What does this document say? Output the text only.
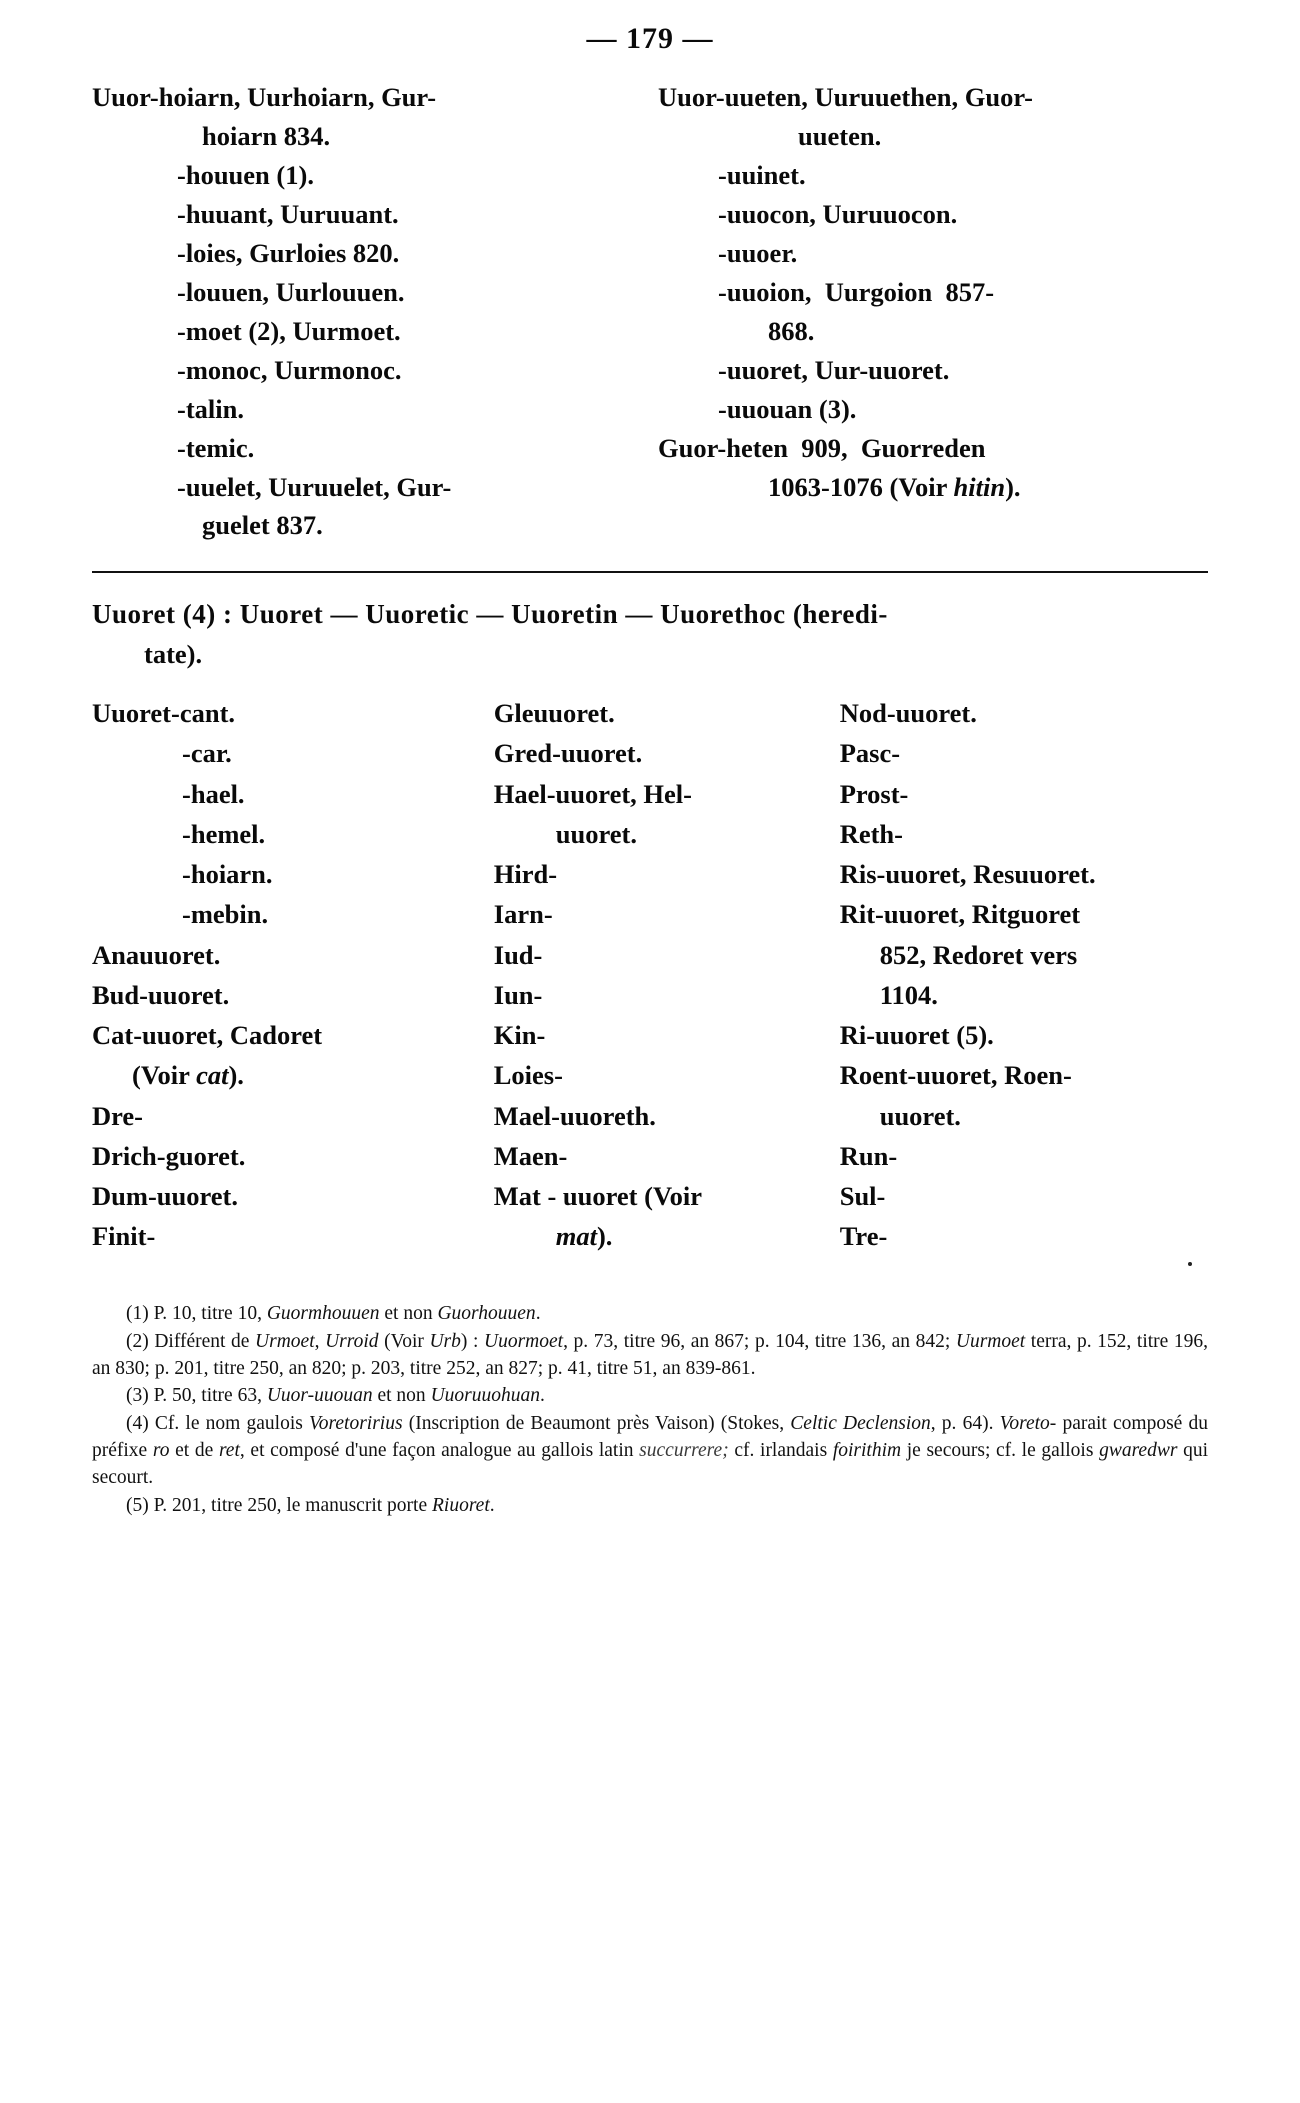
— 179 —
Uuor-hoiarn, Uurhoiarn, Gur-
hoiarn 834.
-houuen (1).
-huuant, Uuruuant.
-loies, Gurloies 820.
-louuen, Uurlouuen.
-moet (2), Uurmoet.
-monoc, Uurmonoc.
-talin.
-temic.
-uuelet, Uuruuelet, Gur-
guelet 837.
Uuor-uueten, Uuruuethen, Guor-
uueten.
-uuinet.
-uuocon, Uuruuocon.
-uuoer.
-uuoion,  Uurgoion  857-
868.
-uuoret, Uur-uuoret.
-uuouan (3).
Guor-heten  909,  Guorreden
1063-1076 (Voir hitin).
Uuoret (4) : Uuoret — Uuoretic — Uuoretin — Uuorethoc (heredi-
tate).
Uuoret-cant.
-car.
-hael.
-hemel.
-hoiarn.
-mebin.
Anauuoret.
Bud-uuoret.
Cat-uuoret, Cadoret
(Voir cat).
Dre-
Drich-guoret.
Dum-uuoret.
Finit-
Gleuuoret.
Gred-uuoret.
Hael-uuoret, Hel-
uuoret.
Hird-
Iarn-
Iud-
Iun-
Kin-
Loies-
Mael-uuoreth.
Maen-
Mat - uuoret (Voir
mat).
Nod-uuoret.
Pasc-
Prost-
Reth-
Ris-uuoret, Resuuoret.
Rit-uuoret, Ritguoret
852, Redoret vers
1104.
Ri-uuoret (5).
Roent-uuoret, Roen-
uuoret.
Run-
Sul-
Tre-

(1) P. 10, titre 10, Guormhouuen et non Guorhouuen.

(2) Différent de Urmoet, Urroid (Voir Urb) : Uuormoet, p. 73, titre 96, an 867; p. 104, titre 136, an 842; Uurmoet terra, p. 152, titre 196, an 830; p. 201, titre 250, an 820; p. 203, titre 252, an 827; p. 41, titre 51, an 839-861.

(3) P. 50, titre 63, Uuor-uuouan et non Uuoruuohuan.

(4) Cf. le nom gaulois Voretoririus (Inscription de Beaumont près Vaison) (Stokes, Celtic Declension, p. 64). Voreto- parait composé du préfixe ro et de ret, et composé d'une façon analogue au gallois latin succurrere; cf. irlandais foirithim je secours; cf. le gallois gwaredwr qui secourt.

(5) P. 201, titre 250, le manuscrit porte Riuoret.
